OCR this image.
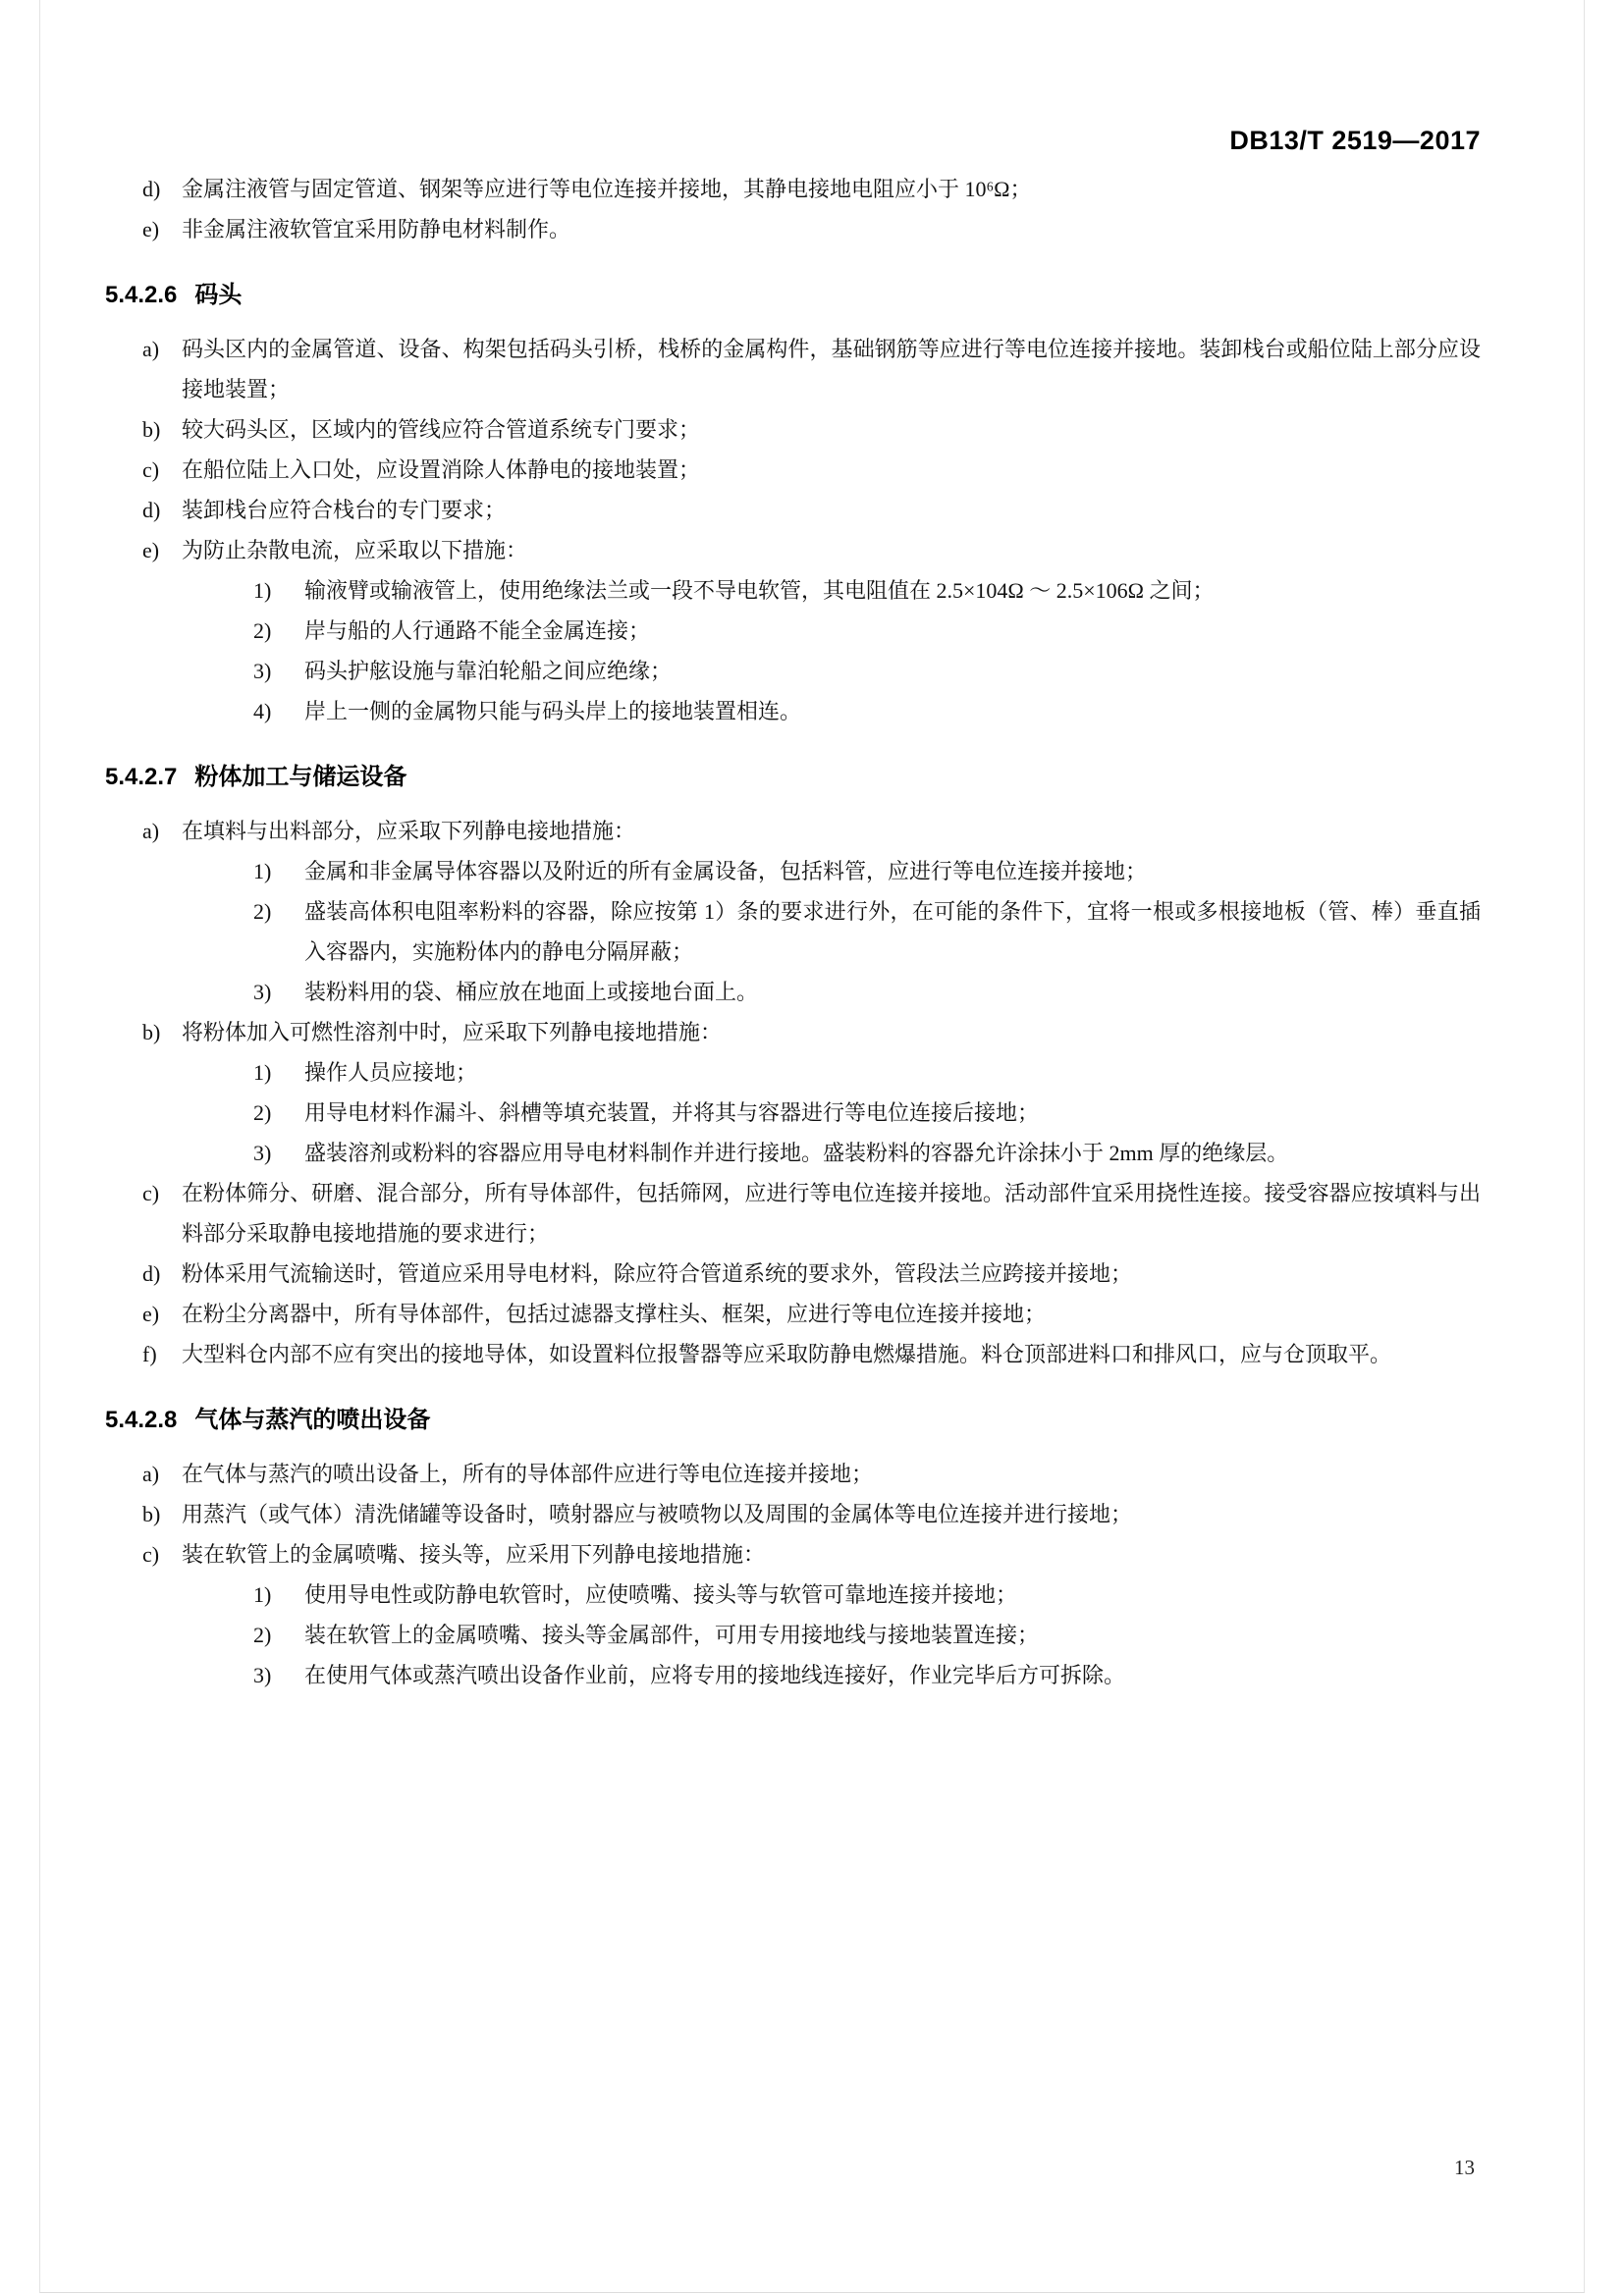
DB13/T 2519—2017
d) 金属注液管与固定管道、钢架等应进行等电位连接并接地，其静电接地电阻应小于 10⁶Ω；
e)	非金属注液软管宜采用防静电材料制作。
5.4.2.6 码头
a)	码头区内的金属管道、设备、构架包括码头引桥，栈桥的金属构件，基础钢筋等应进行等电位连接并接地。装卸栈台或船位陆上部分应设接地装置；
b) 较大码头区，区域内的管线应符合管道系统专门要求；
c)	在船位陆上入口处，应设置消除人体静电的接地装置；
d) 装卸栈台应符合栈台的专门要求；
e)	为防止杂散电流，应采取以下措施：
1)	输液臂或输液管上，使用绝缘法兰或一段不导电软管，其电阻值在 2.5×104Ω ～ 2.5×106Ω 之间；
2)	岸与船的人行通路不能全金属连接；
3)	码头护舷设施与靠泊轮船之间应绝缘；
4)	岸上一侧的金属物只能与码头岸上的接地装置相连。
5.4.2.7 粉体加工与储运设备
a)	在填料与出料部分，应采取下列静电接地措施：
1)	金属和非金属导体容器以及附近的所有金属设备，包括料管，应进行等电位连接并接地；
2)	盛装高体积电阻率粉料的容器，除应按第 1）条的要求进行外，在可能的条件下，宜将一根或多根接地板（管、棒）垂直插入容器内，实施粉体内的静电分隔屏蔽；
3)	装粉料用的袋、桶应放在地面上或接地台面上。
b) 将粉体加入可燃性溶剂中时，应采取下列静电接地措施：
1)	操作人员应接地；
2)	用导电材料作漏斗、斜槽等填充装置，并将其与容器进行等电位连接后接地；
3)	盛装溶剂或粉料的容器应用导电材料制作并进行接地。盛装粉料的容器允许涂抹小于 2mm 厚的绝缘层。
c)	在粉体筛分、研磨、混合部分，所有导体部件，包括筛网，应进行等电位连接并接地。活动部件宜采用挠性连接。接受容器应按填料与出料部分采取静电接地措施的要求进行；
d) 粉体采用气流输送时，管道应采用导电材料，除应符合管道系统的要求外，管段法兰应跨接并接地；
e)	在粉尘分离器中，所有导体部件，包括过滤器支撑柱头、框架，应进行等电位连接并接地；
f)	大型料仓内部不应有突出的接地导体，如设置料位报警器等应采取防静电燃爆措施。料仓顶部进料口和排风口，应与仓顶取平。
5.4.2.8 气体与蒸汽的喷出设备
a)	在气体与蒸汽的喷出设备上，所有的导体部件应进行等电位连接并接地；
b) 用蒸汽（或气体）清洗储罐等设备时，喷射器应与被喷物以及周围的金属体等电位连接并进行接地；
c)	装在软管上的金属喷嘴、接头等，应采用下列静电接地措施：
1)	使用导电性或防静电软管时，应使喷嘴、接头等与软管可靠地连接并接地；
2)	装在软管上的金属喷嘴、接头等金属部件，可用专用接地线与接地装置连接；
3)	在使用气体或蒸汽喷出设备作业前，应将专用的接地线连接好，作业完毕后方可拆除。
13
